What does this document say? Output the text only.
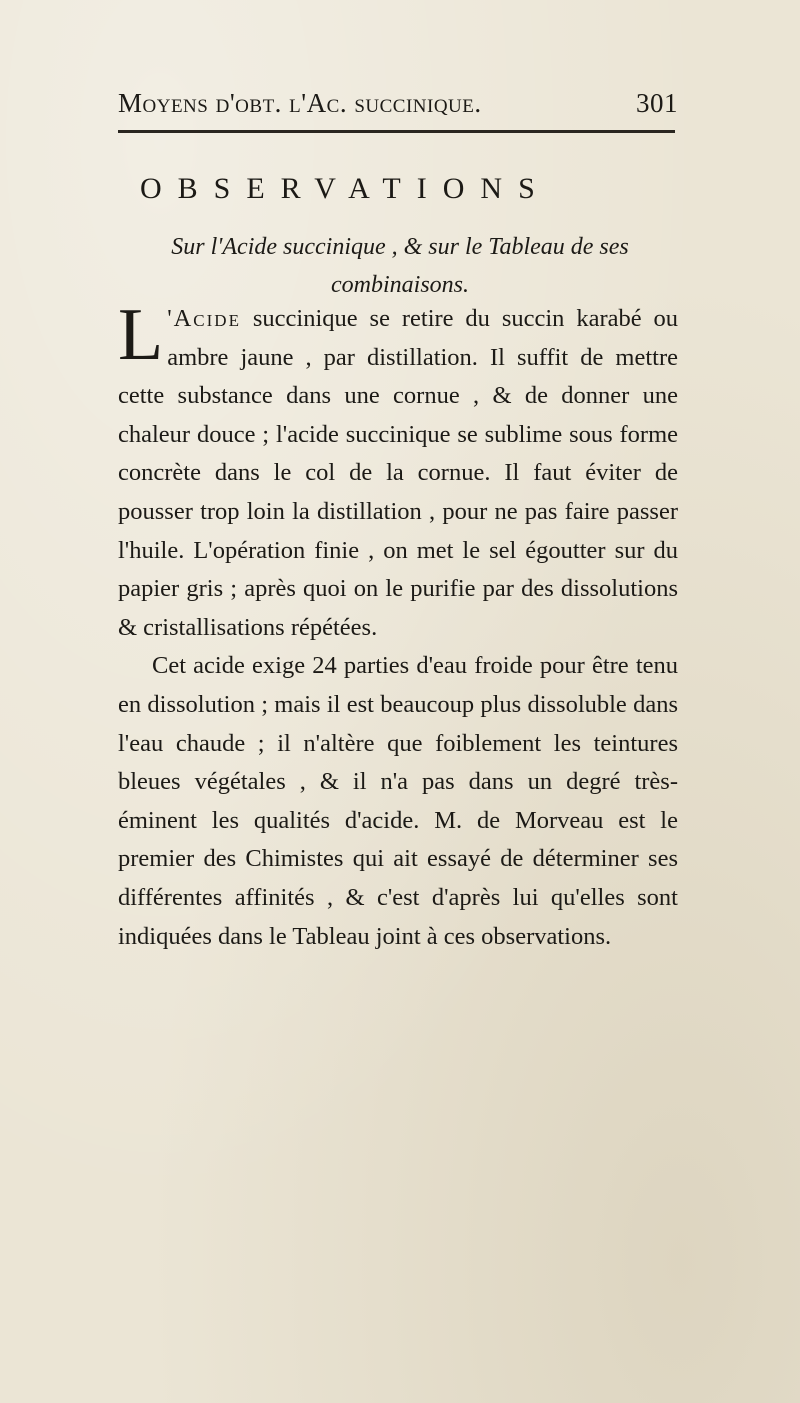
Moyens d'obt. l'Ac. succinique.	301
OBSERVATIONS
Sur l'Acide succinique , & sur le Tableau de ses
combinaisons.

L 'Acide succinique se retire du succin karabé ou ambre jaune , par distillation. Il suffit de mettre cette substance dans une cornue , & de donner une chaleur douce ; l'acide succinique se sublime sous forme concrète dans le col de la cornue. Il faut éviter de pousser trop loin la distillation , pour ne pas faire passer l'huile. L'opération finie , on met le sel égoutter sur du papier gris ; après quoi on le purifie par des dissolutions & cristallisations répétées.

Cet acide exige 24 parties d'eau froide pour être tenu en dissolution ; mais il est beaucoup plus dissoluble dans l'eau chaude ; il n'altère que foiblement les teintures bleues végétales , & il n'a pas dans un degré très-éminent les qualités d'acide. M. de Morveau est le premier des Chimistes qui ait essayé de déterminer ses différentes affinités , & c'est d'après lui qu'elles sont indiquées dans le Tableau joint à ces observations.
